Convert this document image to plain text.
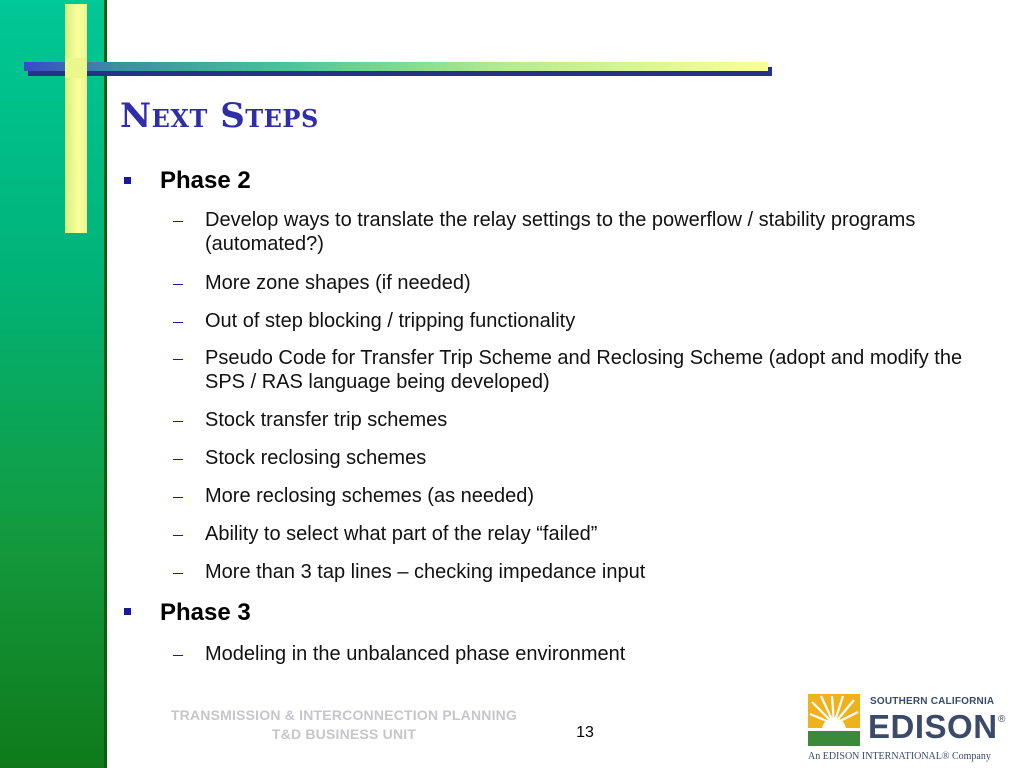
Next Steps
Phase 2
Develop ways to translate the relay settings to the powerflow / stability programs (automated?)
More zone shapes (if needed)
Out of step blocking / tripping functionality
Pseudo Code for Transfer Trip Scheme and Reclosing Scheme (adopt and modify the SPS / RAS language being developed)
Stock transfer trip schemes
Stock reclosing schemes
More reclosing schemes (as needed)
Ability to select what part of the relay “failed”
More than 3 tap lines – checking impedance input
Phase 3
Modeling in the unbalanced phase environment
TRANSMISSION & INTERCONNECTION PLANNING
T&D BUSINESS UNIT	13
SOUTHERN CALIFORNIA
EDISON ®
An EDISON INTERNATIONAL® Company
